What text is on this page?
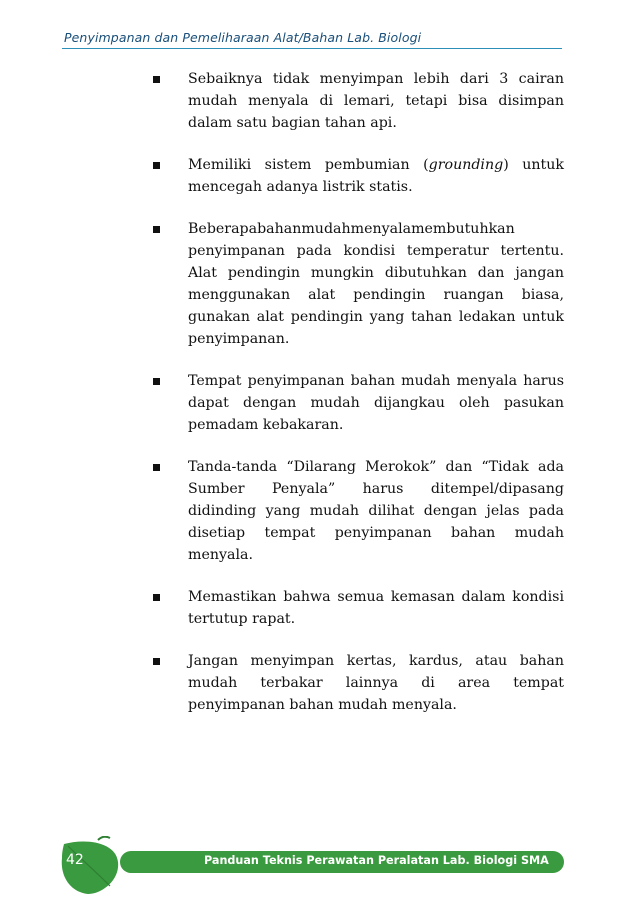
Penyimpanan dan Pemeliharaan Alat/Bahan Lab. Biologi
Sebaiknya tidak menyimpan lebih dari 3 cairan mudah menyala di lemari, tetapi bisa disimpan dalam satu bagian tahan api.
Memiliki sistem pembumian (grounding) untuk mencegah adanya listrik statis.
Beberapabahanmudahmenyalamembutuhkan penyimpanan pada kondisi temperatur tertentu. Alat pendingin mungkin dibutuhkan dan jangan menggunakan alat pendingin ruangan biasa, gunakan alat pendingin yang tahan ledakan untuk penyimpanan.
Tempat penyimpanan bahan mudah menyala harus dapat dengan mudah dijangkau oleh pasukan pemadam kebakaran.
Tanda-tanda “Dilarang Merokok” dan “Tidak ada Sumber Penyala” harus ditempel/dipasang didinding yang mudah dilihat dengan jelas pada disetiap tempat penyimpanan bahan mudah menyala.
Memastikan bahwa semua kemasan dalam kondisi tertutup rapat.
Jangan menyimpan kertas, kardus, atau bahan mudah terbakar lainnya di area tempat penyimpanan bahan mudah menyala.
42	Panduan Teknis Perawatan Peralatan Lab. Biologi SMA
